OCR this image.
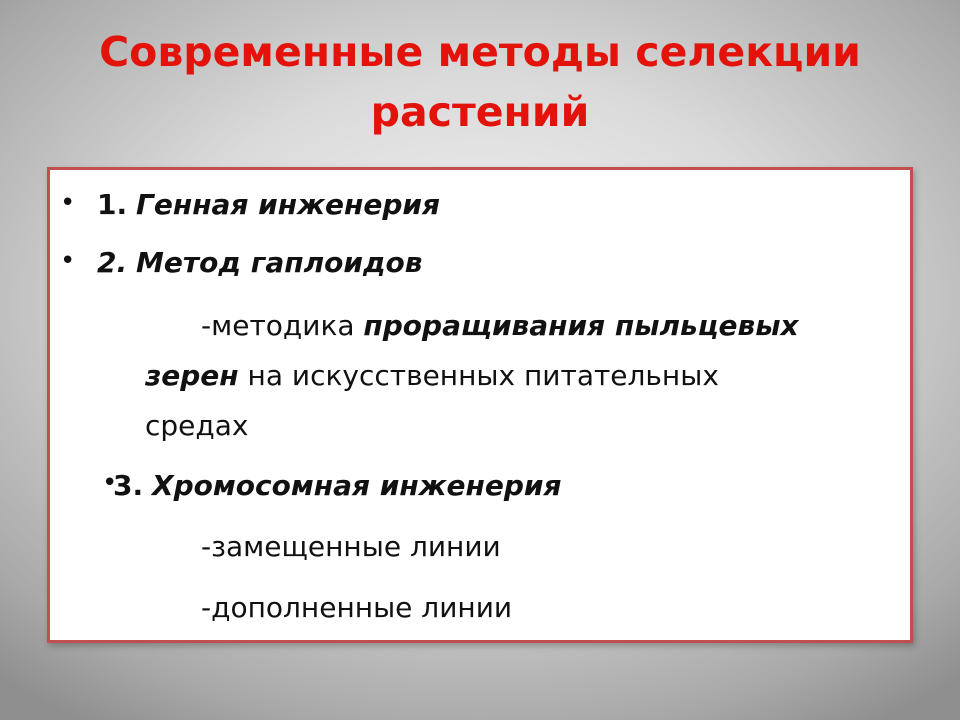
Современные методы селекции растений
• 1. Генная инженерия
• 2. Метод гаплоидов
-методика проращивания пыльцевых
зерен на искусственных питательных
средах
•
3. Хромосомная инженерия
-замещенные линии
-дополненные линии
